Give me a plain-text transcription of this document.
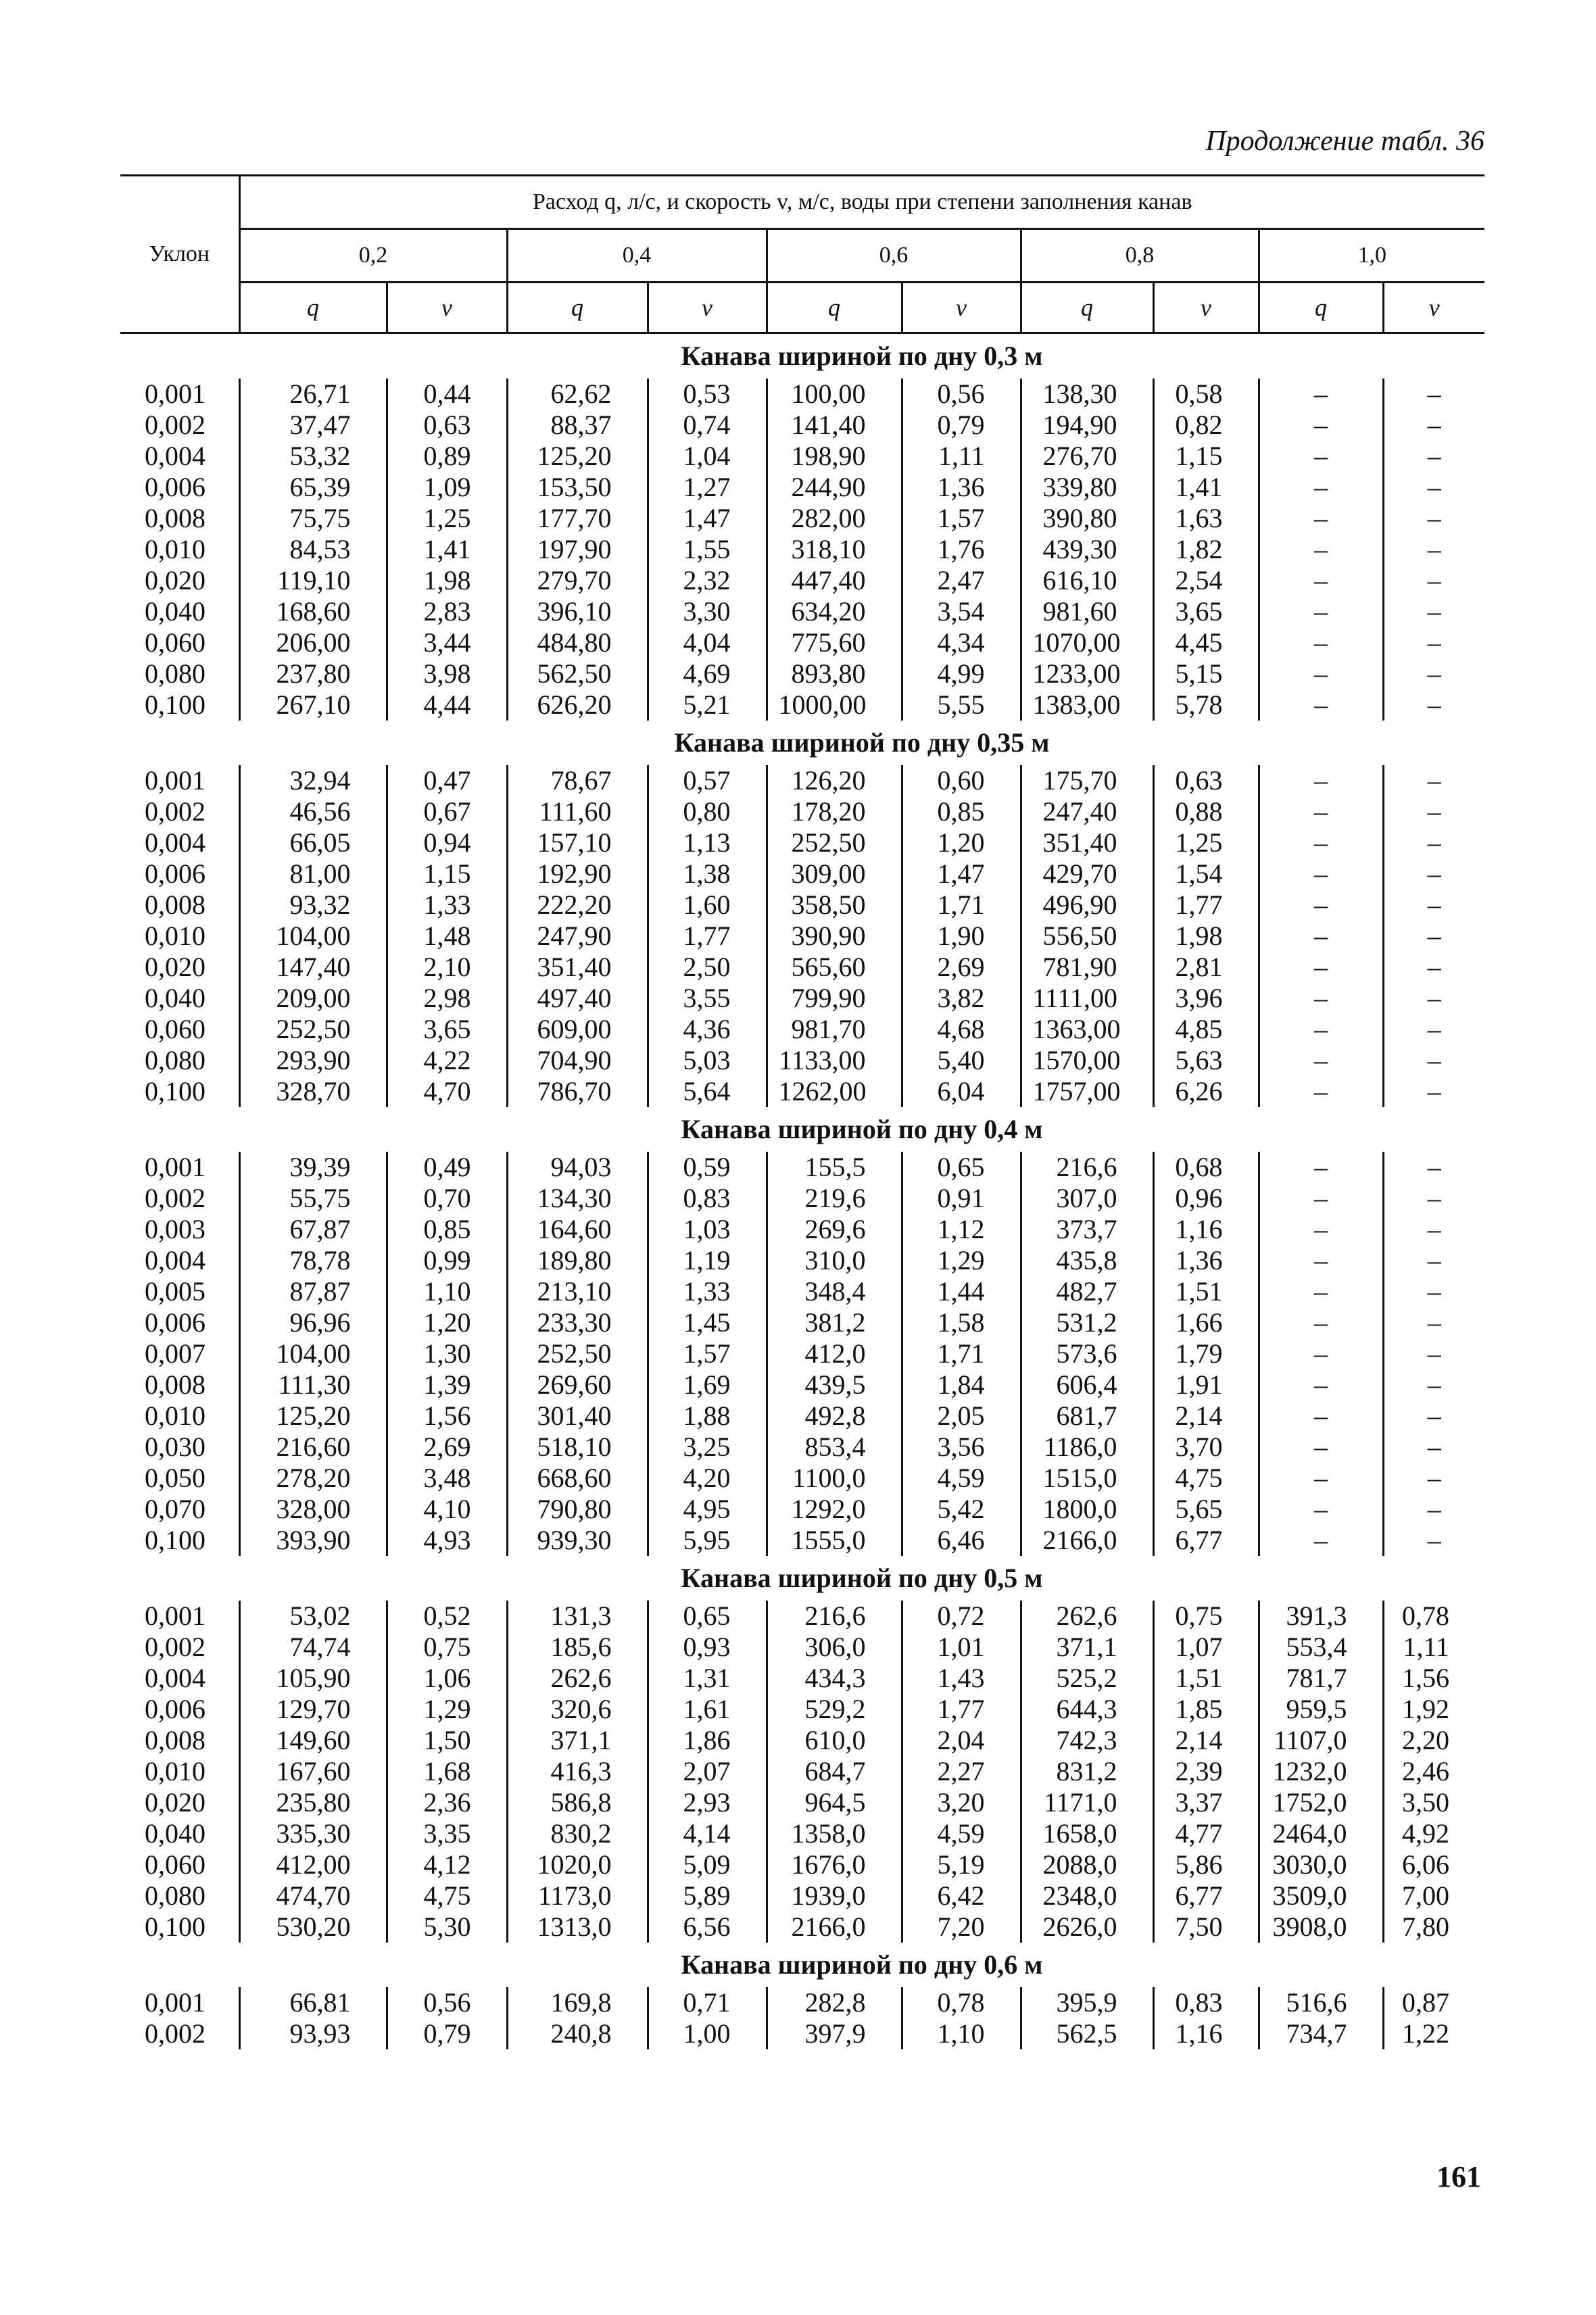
Продолжение табл. 36
Уклон	Расход q, л/с, и скорость v, м/с, воды при степени заполнения канав									
	0,2		0,4		0,6		0,8		1,0	
	q	v	q	v	q	v	q	v	q	v
	Канава шириной по дну 0,3 м									
0,001	26,71	0,44	62,62	0,53	100,00	0,56	138,30	0,58	–	–
0,002	37,47	0,63	88,37	0,74	141,40	0,79	194,90	0,82	–	–
0,004	53,32	0,89	125,20	1,04	198,90	1,11	276,70	1,15	–	–
0,006	65,39	1,09	153,50	1,27	244,90	1,36	339,80	1,41	–	–
0,008	75,75	1,25	177,70	1,47	282,00	1,57	390,80	1,63	–	–
0,010	84,53	1,41	197,90	1,55	318,10	1,76	439,30	1,82	–	–
0,020	119,10	1,98	279,70	2,32	447,40	2,47	616,10	2,54	–	–
0,040	168,60	2,83	396,10	3,30	634,20	3,54	981,60	3,65	–	–
0,060	206,00	3,44	484,80	4,04	775,60	4,34	1070,00	4,45	–	–
0,080	237,80	3,98	562,50	4,69	893,80	4,99	1233,00	5,15	–	–
0,100	267,10	4,44	626,20	5,21	1000,00	5,55	1383,00	5,78	–	–
	Канава шириной по дну 0,35 м									
0,001	32,94	0,47	78,67	0,57	126,20	0,60	175,70	0,63	–	–
0,002	46,56	0,67	111,60	0,80	178,20	0,85	247,40	0,88	–	–
0,004	66,05	0,94	157,10	1,13	252,50	1,20	351,40	1,25	–	–
0,006	81,00	1,15	192,90	1,38	309,00	1,47	429,70	1,54	–	–
0,008	93,32	1,33	222,20	1,60	358,50	1,71	496,90	1,77	–	–
0,010	104,00	1,48	247,90	1,77	390,90	1,90	556,50	1,98	–	–
0,020	147,40	2,10	351,40	2,50	565,60	2,69	781,90	2,81	–	–
0,040	209,00	2,98	497,40	3,55	799,90	3,82	1111,00	3,96	–	–
0,060	252,50	3,65	609,00	4,36	981,70	4,68	1363,00	4,85	–	–
0,080	293,90	4,22	704,90	5,03	1133,00	5,40	1570,00	5,63	–	–
0,100	328,70	4,70	786,70	5,64	1262,00	6,04	1757,00	6,26	–	–
	Канава шириной по дну 0,4 м									
0,001	39,39	0,49	94,03	0,59	155,5	0,65	216,6	0,68	–	–
0,002	55,75	0,70	134,30	0,83	219,6	0,91	307,0	0,96	–	–
0,003	67,87	0,85	164,60	1,03	269,6	1,12	373,7	1,16	–	–
0,004	78,78	0,99	189,80	1,19	310,0	1,29	435,8	1,36	–	–
0,005	87,87	1,10	213,10	1,33	348,4	1,44	482,7	1,51	–	–
0,006	96,96	1,20	233,30	1,45	381,2	1,58	531,2	1,66	–	–
0,007	104,00	1,30	252,50	1,57	412,0	1,71	573,6	1,79	–	–
0,008	111,30	1,39	269,60	1,69	439,5	1,84	606,4	1,91	–	–
0,010	125,20	1,56	301,40	1,88	492,8	2,05	681,7	2,14	–	–
0,030	216,60	2,69	518,10	3,25	853,4	3,56	1186,0	3,70	–	–
0,050	278,20	3,48	668,60	4,20	1100,0	4,59	1515,0	4,75	–	–
0,070	328,00	4,10	790,80	4,95	1292,0	5,42	1800,0	5,65	–	–
0,100	393,90	4,93	939,30	5,95	1555,0	6,46	2166,0	6,77	–	–
	Канава шириной по дну 0,5 м									
0,001	53,02	0,52	131,3	0,65	216,6	0,72	262,6	0,75	391,3	0,78
0,002	74,74	0,75	185,6	0,93	306,0	1,01	371,1	1,07	553,4	1,11
0,004	105,90	1,06	262,6	1,31	434,3	1,43	525,2	1,51	781,7	1,56
0,006	129,70	1,29	320,6	1,61	529,2	1,77	644,3	1,85	959,5	1,92
0,008	149,60	1,50	371,1	1,86	610,0	2,04	742,3	2,14	1107,0	2,20
0,010	167,60	1,68	416,3	2,07	684,7	2,27	831,2	2,39	1232,0	2,46
0,020	235,80	2,36	586,8	2,93	964,5	3,20	1171,0	3,37	1752,0	3,50
0,040	335,30	3,35	830,2	4,14	1358,0	4,59	1658,0	4,77	2464,0	4,92
0,060	412,00	4,12	1020,0	5,09	1676,0	5,19	2088,0	5,86	3030,0	6,06
0,080	474,70	4,75	1173,0	5,89	1939,0	6,42	2348,0	6,77	3509,0	7,00
0,100	530,20	5,30	1313,0	6,56	2166,0	7,20	2626,0	7,50	3908,0	7,80
	Канава шириной по дну 0,6 м									
0,001	66,81	0,56	169,8	0,71	282,8	0,78	395,9	0,83	516,6	0,87
0,002	93,93	0,79	240,8	1,00	397,9	1,10	562,5	1,16	734,7	1,22
161
